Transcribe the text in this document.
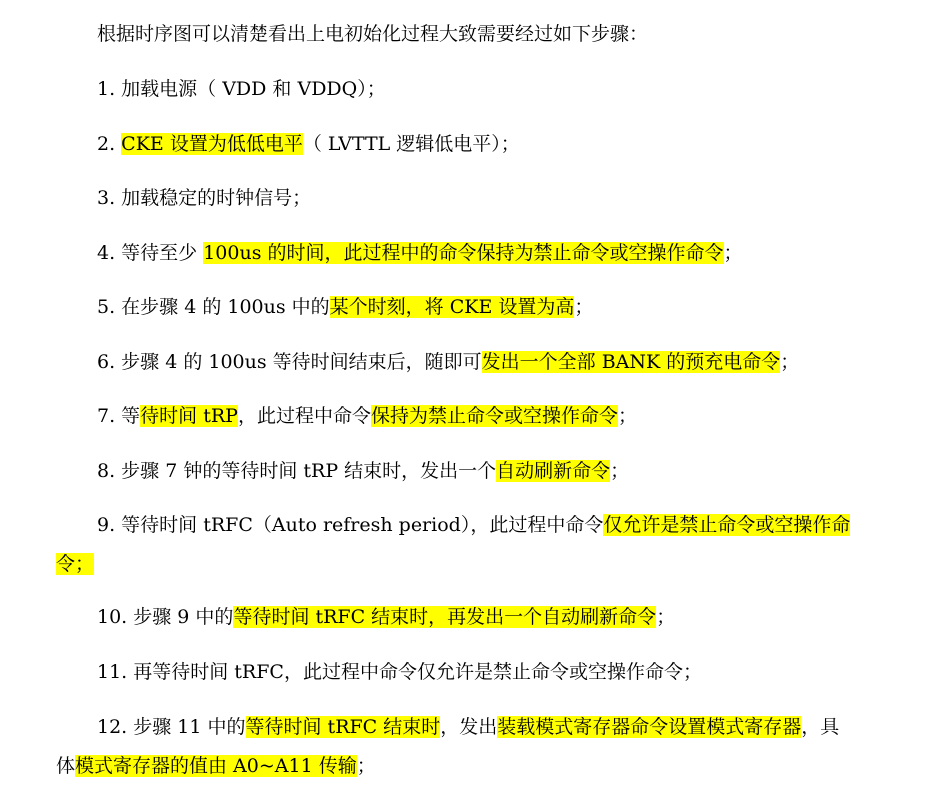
根据时序图可以清楚看出上电初始化过程大致需要经过如下步骤：
1. 加载电源（ VDD 和 VDDQ）；
2. CKE 设置为低低电平（ LVTTL 逻辑低电平）；
3. 加载稳定的时钟信号；
4. 等待至少 100us 的时间，此过程中的命令保持为禁止命令或空操作命令；
5. 在步骤 4 的 100us 中的某个时刻，将 CKE 设置为高；
6. 步骤 4 的 100us 等待时间结束后，随即可发出一个全部 BANK 的预充电命令；
7. 等待时间 tRP，此过程中命令保持为禁止命令或空操作命令；
8. 步骤 7 钟的等待时间 tRP 结束时，发出一个自动刷新命令；
9. 等待时间 tRFC（Auto refresh period），此过程中命令仅允许是禁止命令或空操作命
令；
10. 步骤 9 中的等待时间 tRFC 结束时，再发出一个自动刷新命令；
11. 再等待时间 tRFC，此过程中命令仅允许是禁止命令或空操作命令；
12. 步骤 11 中的等待时间 tRFC 结束时，发出装载模式寄存器命令设置模式寄存器，具
体模式寄存器的值由 A0~A11 传输；
